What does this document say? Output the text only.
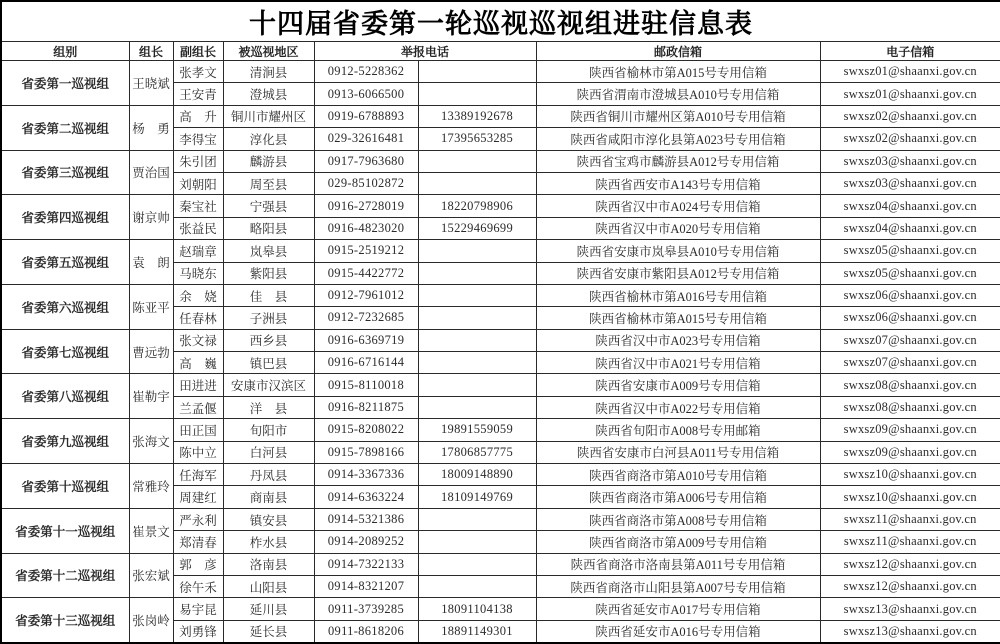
十四届省委第一轮巡视巡视组进驻信息表							
组别	组长	副组长	被巡视地区	举报电话		邮政信箱	电子信箱
省委第一巡视组	王晓斌	张孝文	清涧县	0912-5228362		陕西省榆林市第A015号专用信箱	swxsz01@shaanxi.gov.cn
		王安青	澄城县	0913-6066500		陕西省渭南市澄城县A010号专用信箱	swxsz01@shaanxi.gov.cn
省委第二巡视组	杨　勇	高　升	铜川市耀州区	0919-6788893	13389192678	陕西省铜川市耀州区第A010号专用信箱	swxsz02@shaanxi.gov.cn
		李得宝	淳化县	029-32616481	17395653285	陕西省咸阳市淳化县第A023号专用信箱	swxsz02@shaanxi.gov.cn
省委第三巡视组	贾治国	朱引团	麟游县	0917-7963680		陕西省宝鸡市麟游县A012号专用信箱	swxsz03@shaanxi.gov.cn
		刘朝阳	周至县	029-85102872		陕西省西安市A143号专用信箱	swxsz03@shaanxi.gov.cn
省委第四巡视组	谢京帅	秦宝社	宁强县	0916-2728019	18220798906	陕西省汉中市A024号专用信箱	swxsz04@shaanxi.gov.cn
		张益民	略阳县	0916-4823020	15229469699	陕西省汉中市A020号专用信箱	swxsz04@shaanxi.gov.cn
省委第五巡视组	袁　朗	赵瑞章	岚皋县	0915-2519212		陕西省安康市岚皋县A010号专用信箱	swxsz05@shaanxi.gov.cn
		马晓东	紫阳县	0915-4422772		陕西省安康市紫阳县A012号专用信箱	swxsz05@shaanxi.gov.cn
省委第六巡视组	陈亚平	余　娆	佳　县	0912-7961012		陕西省榆林市第A016号专用信箱	swxsz06@shaanxi.gov.cn
		任春林	子洲县	0912-7232685		陕西省榆林市第A015号专用信箱	swxsz06@shaanxi.gov.cn
省委第七巡视组	曹远勃	张文禄	西乡县	0916-6369719		陕西省汉中市A023号专用信箱	swxsz07@shaanxi.gov.cn
		高　巍	镇巴县	0916-6716144		陕西省汉中市A021号专用信箱	swxsz07@shaanxi.gov.cn
省委第八巡视组	崔勒宇	田进进	安康市汉滨区	0915-8110018		陕西省安康市A009号专用信箱	swxsz08@shaanxi.gov.cn
		兰孟偃	洋　县	0916-8211875		陕西省汉中市A022号专用信箱	swxsz08@shaanxi.gov.cn
省委第九巡视组	张海文	田正国	旬阳市	0915-8208022	19891559059	陕西省旬阳市A008号专用邮箱	swxsz09@shaanxi.gov.cn
		陈中立	白河县	0915-7898166	17806857775	陕西省安康市白河县A011号专用信箱	swxsz09@shaanxi.gov.cn
省委第十巡视组	常雅玲	任海军	丹凤县	0914-3367336	18009148890	陕西省商洛市第A010号专用信箱	swxsz10@shaanxi.gov.cn
		周建红	商南县	0914-6363224	18109149769	陕西省商洛市第A006号专用信箱	swxsz10@shaanxi.gov.cn
省委第十一巡视组	崔景文	严永利	镇安县	0914-5321386		陕西省商洛市第A008号专用信箱	swxsz11@shaanxi.gov.cn
		郑清春	柞水县	0914-2089252		陕西省商洛市第A009号专用信箱	swxsz11@shaanxi.gov.cn
省委第十二巡视组	张宏斌	郭　彦	洛南县	0914-7322133		陕西省商洛市洛南县第A011号专用信箱	swxsz12@shaanxi.gov.cn
		徐午禾	山阳县	0914-8321207		陕西省商洛市山阳县第A007号专用信箱	swxsz12@shaanxi.gov.cn
省委第十三巡视组	张岗岭	易宇昆	延川县	0911-3739285	18091104138	陕西省延安市A017号专用信箱	swxsz13@shaanxi.gov.cn
		刘勇锋	延长县	0911-8618206	18891149301	陕西省延安市A016号专用信箱	swxsz13@shaanxi.gov.cn
